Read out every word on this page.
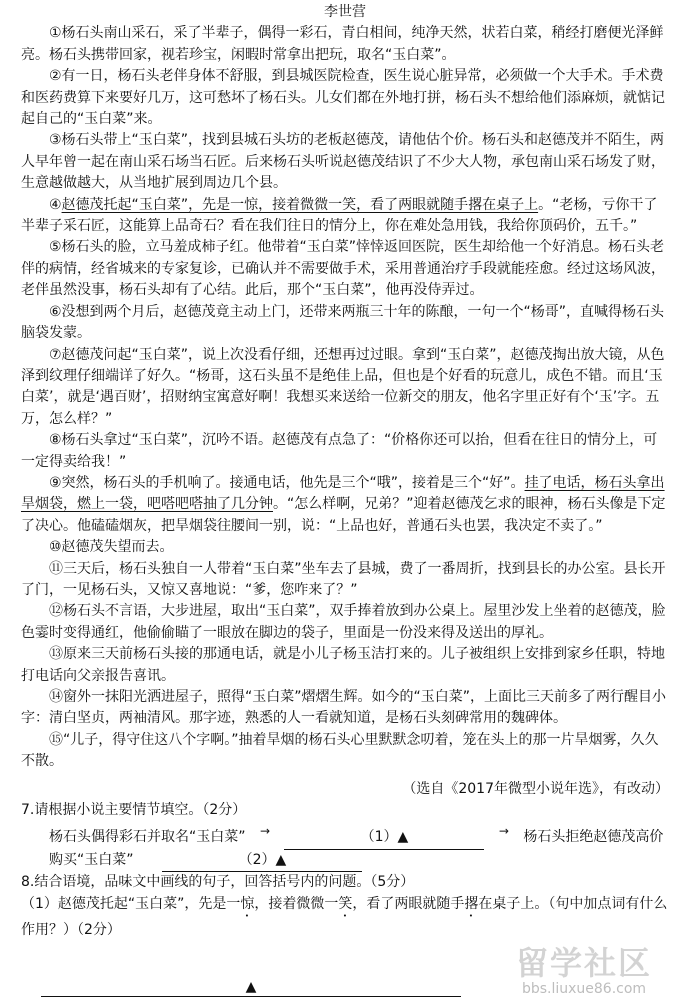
李世营

①杨石头南山采石，采了半辈子，偶得一彩石，青白相间，纯净天然，状若白菜，稍经打磨便光泽鲜亮。杨石头携带回家，视若珍宝，闲暇时常拿出把玩，取名“玉白菜”。

②有一日，杨石头老伴身体不舒服，到县城医院检查，医生说心脏异常，必须做一个大手术。手术费和医药费算下来要好几万，这可愁坏了杨石头。儿女们都在外地打拼，杨石头不想给他们添麻烦，就惦记起自己的“玉白菜”来。

③杨石头带上“玉白菜”，找到县城石头坊的老板赵德茂，请他估个价。杨石头和赵德茂并不陌生，两人早年曾一起在南山采石场当石匠。后来杨石头听说赵德茂结识了不少大人物，承包南山采石场发了财，生意越做越大，从当地扩展到周边几个县。

④赵德茂托起“玉白菜”，先是一惊，接着微微一笑，看了两眼就随手撂在桌子上。“老杨，亏你干了半辈子采石匠，这能算上品奇石？看在我们往日的情分上，你在难处急用钱，我给你顶码价，五千。”

⑤杨石头的脸，立马羞成柿子红。他带着“玉白菜”悻悻返回医院，医生却给他一个好消息。杨石头老伴的病情，经省城来的专家复诊，已确认并不需要做手术，采用普通治疗手段就能痊愈。经过这场风波，老伴虽然没事，杨石头却有了心结。此后，那个“玉白菜”，他再没侍弄过。

⑥没想到两个月后，赵德茂竟主动上门，还带来两瓶三十年的陈酿，一句一个“杨哥”，直喊得杨石头脑袋发蒙。

⑦赵德茂问起“玉白菜”，说上次没看仔细，还想再过过眼。拿到“玉白菜”，赵德茂掏出放大镜，从色泽到纹理仔细端详了好久。“杨哥，这石头虽不是绝佳上品，但也是个好看的玩意儿，成色不错。而且‘玉白菜’，就是‘遇百财’，招财纳宝寓意好啊！我想买来送给一位新交的朋友，他名字里正好有个‘玉’字。五万，怎么样？”

⑧杨石头拿过“玉白菜”，沉吟不语。赵德茂有点急了：“价格你还可以抬，但看在往日的情分上，可一定得卖给我！”

⑨突然，杨石头的手机响了。接通电话，他先是三个“哦”，接着是三个“好”。挂了电话，杨石头拿出旱烟袋，燃上一袋，吧嗒吧嗒抽了几分钟。“怎么样啊，兄弟？”迎着赵德茂乞求的眼神，杨石头像是下定了决心。他磕磕烟灰，把旱烟袋往腰间一别，说：“上品也好，普通石头也罢，我决定不卖了。”

⑩赵德茂失望而去。

⑪三天后，杨石头独自一人带着“玉白菜”坐车去了县城，费了一番周折，找到县长的办公室。县长开了门，一见杨石头，又惊又喜地说：“爹，您咋来了？”

⑫杨石头不言语，大步进屋，取出“玉白菜”，双手捧着放到办公桌上。屋里沙发上坐着的赵德茂，脸色霎时变得通红，他偷偷瞄了一眼放在脚边的袋子，里面是一份没来得及送出的厚礼。

⑬原来三天前杨石头接的那通电话，就是小儿子杨玉洁打来的。儿子被组织上安排到家乡任职，特地打电话向父亲报告喜讯。

⑭窗外一抹阳光洒进屋子，照得“玉白菜”熠熠生辉。如今的“玉白菜”，上面比三天前多了两行醒目小字：清白坚贞，两袖清风。那字迹，熟悉的人一看就知道，是杨石头刻碑常用的魏碑体。

⑮“儿子，得守住这八个字啊。”抽着旱烟的杨石头心里默默念叨着，笼在头上的那一片旱烟雾，久久不散。

（选自《2017年微型小说年选》，有改动）
7.请根据小说主要情节填空。（2分）
杨石头偶得彩石并取名“玉白菜” →	（1）▲	→ 杨石头拒绝赵德茂高价购买“玉白菜”	（2）▲
8.结合语境，品味文中画线的句子，回答括号内的问题。（5分）
（1）赵德茂托起“玉白菜”，先是一惊，接着微微一笑，看了两眼就随手撂在桌子上。（句中加点词有什么作用？）（2分）
▲
留学社区
bbs.liuxue86.com
